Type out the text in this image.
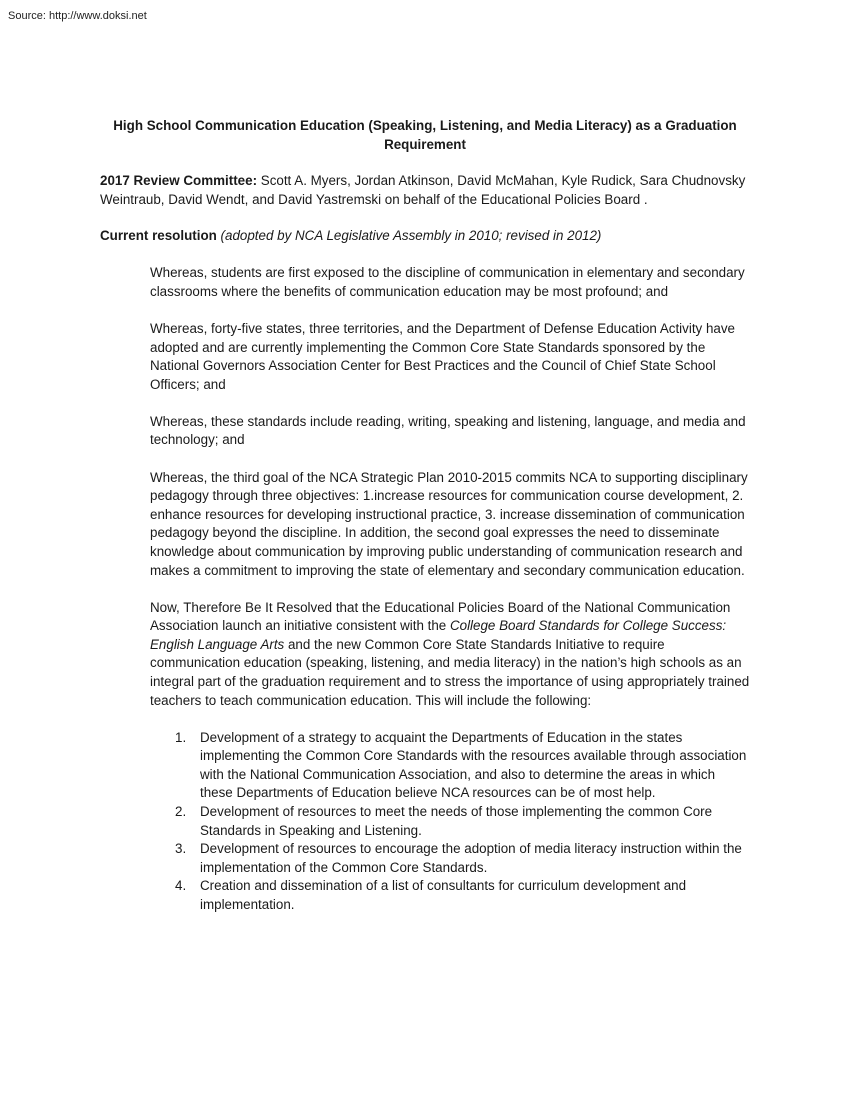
Source: http://www.doksi.net
High School Communication Education (Speaking, Listening, and Media Literacy) as a Graduation
Requirement

2017 Review Committee: Scott A. Myers, Jordan Atkinson, David McMahan, Kyle Rudick, Sara Chudnovsky Weintraub, David Wendt, and David Yastremski on behalf of the Educational Policies Board .

Current resolution (adopted by NCA Legislative Assembly in 2010; revised in 2012)

Whereas, students are first exposed to the discipline of communication in elementary and secondary classrooms where the benefits of communication education may be most profound; and

Whereas, forty-five states, three territories, and the Department of Defense Education Activity have adopted and are currently implementing the Common Core State Standards sponsored by the National Governors Association Center for Best Practices and the Council of Chief State School Officers; and

Whereas, these standards include reading, writing, speaking and listening, language, and media and technology; and

Whereas, the third goal of the NCA Strategic Plan 2010-2015 commits NCA to supporting disciplinary pedagogy through three objectives: 1.increase resources for communication course development, 2. enhance resources for developing instructional practice, 3. increase dissemination of communication pedagogy beyond the discipline. In addition, the second goal expresses the need to disseminate knowledge about communication by improving public understanding of communication research and makes a commitment to improving the state of elementary and secondary communication education.

Now, Therefore Be It Resolved that the Educational Policies Board of the National Communication Association launch an initiative consistent with the College Board Standards for College Success: English Language Arts and the new Common Core State Standards Initiative to require communication education (speaking, listening, and media literacy) in the nation’s high schools as an integral part of the graduation requirement and to stress the importance of using appropriately trained teachers to teach communication education. This will include the following:

1. Development of a strategy to acquaint the Departments of Education in the states implementing the Common Core Standards with the resources available through association with the National Communication Association, and also to determine the areas in which these Departments of Education believe NCA resources can be of most help.
2. Development of resources to meet the needs of those implementing the common Core Standards in Speaking and Listening.
3. Development of resources to encourage the adoption of media literacy instruction within the implementation of the Common Core Standards.
4. Creation and dissemination of a list of consultants for curriculum development and implementation.
